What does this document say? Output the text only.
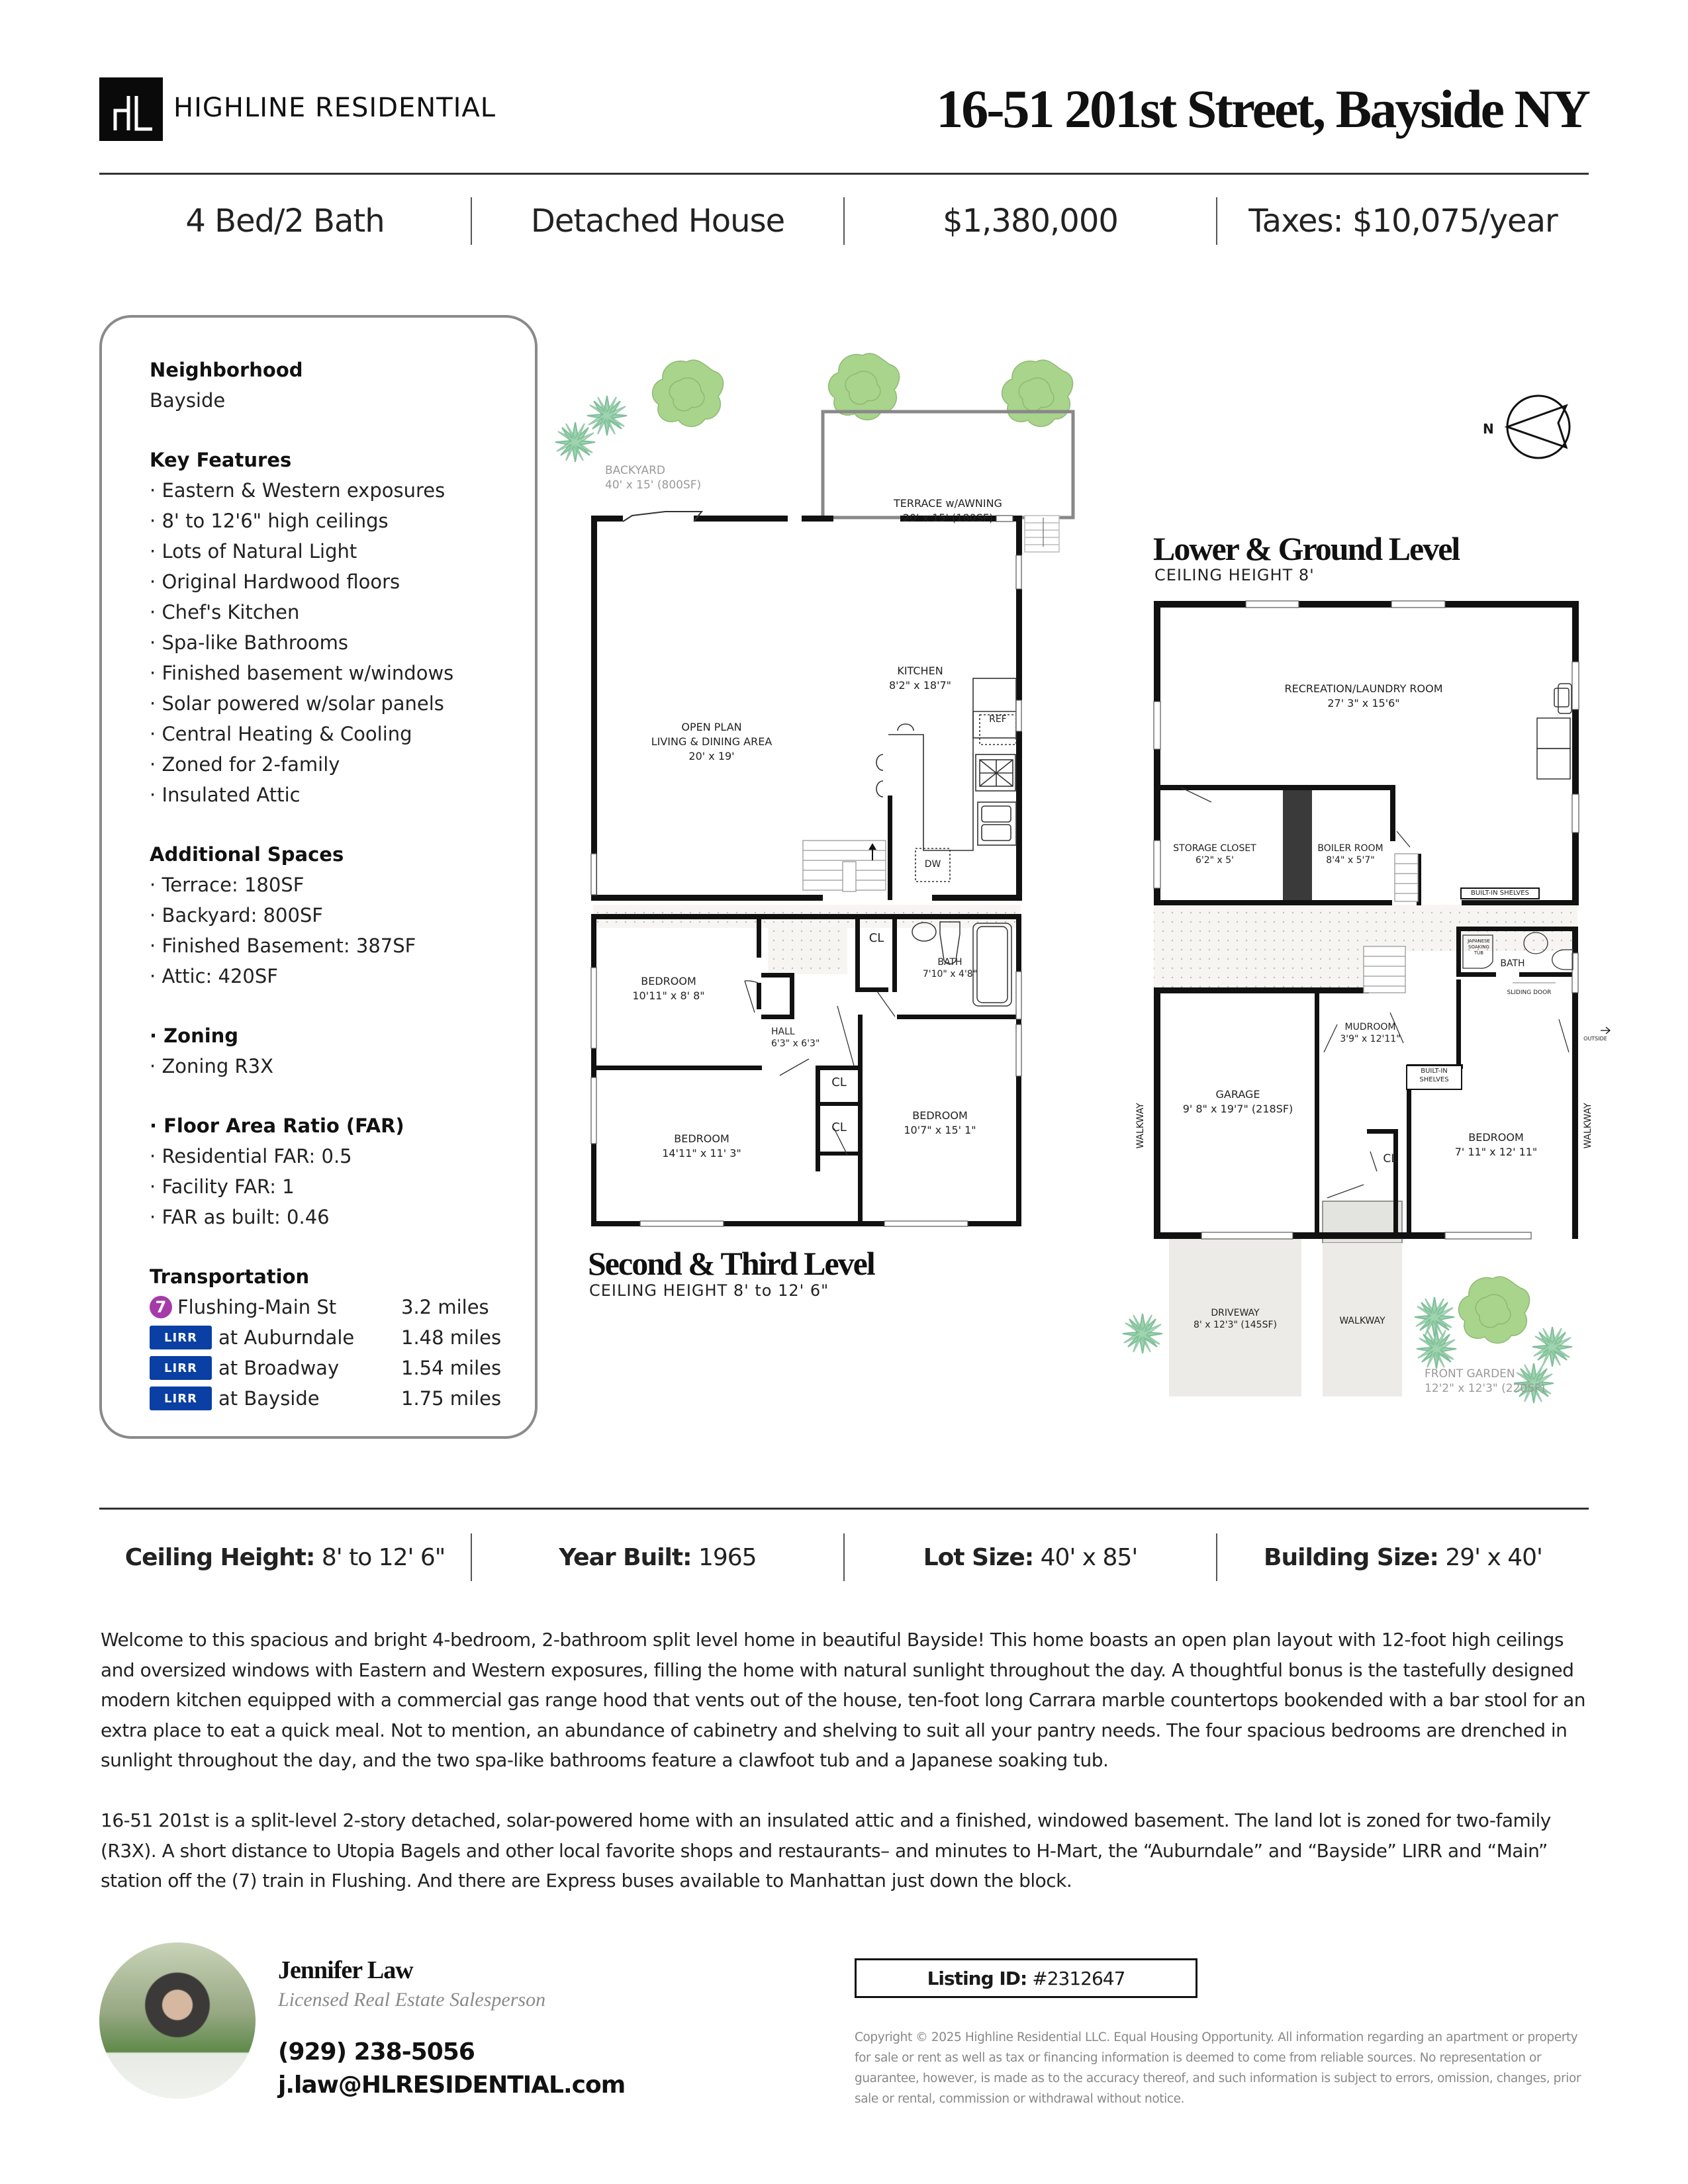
HIGHLINE RESIDENTIAL	16-51 201st Street, Bayside NY
4 Bed/2 Bath	Detached House	$1,380,000	Taxes: $10,075/year

Neighborhood

Bayside

Key Features

· Eastern & Western exposures

· 8' to 12'6" high ceilings

· Lots of Natural Light

· Original Hardwood floors

· Chef's Kitchen

· Spa-like Bathrooms

· Finished basement w/windows

· Solar powered w/solar panels

· Central Heating & Cooling

· Zoned for 2-family

· Insulated Attic

Additional Spaces

· Terrace: 180SF

· Backyard: 800SF

· Finished Basement: 387SF

· Attic: 420SF

· Zoning

· Zoning R3X

· Floor Area Ratio (FAR)

· Residential FAR: 0.5

· Facility FAR: 1

· FAR as built: 0.46

Transportation

7 Flushing-Main St	3.2 miles
LIRR	at Auburndale 1.48 miles
LIRR	at Broadway	1.54 miles
LIRR	at Bayside	1.75 miles
BACKYARD
40' x 15' (800SF)
TERRACE w/AWNING
20' x 15' (180SF)
KITCHEN
8'2" x 18'7"
OPEN PLAN
LIVING & DINING AREA
20' x 19'
REF
DW
BEDROOM
10'11" x 8' 8"
CL
BATH
7'10" x 4'8"
HALL
6'3" x 6'3"
CL
CL
BEDROOM
14'11" x 11' 3"
BEDROOM
10'7" x 15' 1"
Second & Third Level
CEILING HEIGHT 8' to 12' 6"
N
Lower & Ground Level
CEILING HEIGHT 8'
RECREATION/LAUNDRY ROOM
27' 3" x 15'6"
STORAGE CLOSET
6'2" x 5'
BOILER ROOM
8'4" x 5'7"
BUILT-IN SHELVES
JAPANESE SOAKING TUB
BATH
SLIDING DOOR
OUTSIDE
MUDROOM
3'9" x 12'11"
BUILT-IN SHELVES
GARAGE
9' 8" x 19'7" (218SF)
CL
BEDROOM
7' 11" x 12' 11"
WALKWAY	WALKWAY
DRIVEWAY
8' x 12'3" (145SF)	WALKWAY
FRONT GARDEN
12'2" x 12'3" (220SF)
Ceiling Height: 8' to 12' 6"	Year Built: 1965	Lot Size: 40' x 85'	Building Size: 29' x 40'
Welcome to this spacious and bright 4-bedroom, 2-bathroom split level home in beautiful Bayside! This home boasts an open plan layout with 12-foot high ceilings and oversized windows with Eastern and Western exposures, filling the home with natural sunlight throughout the day. A thoughtful bonus is the tastefully designed modern kitchen equipped with a commercial gas range hood that vents out of the house, ten-foot long Carrara marble countertops bookended with a bar stool for an extra place to eat a quick meal. Not to mention, an abundance of cabinetry and shelving to suit all your pantry needs. The four spacious bedrooms are drenched in sunlight throughout the day, and the two spa-like bathrooms feature a clawfoot tub and a Japanese soaking tub.
16-51 201st is a split-level 2-story detached, solar-powered home with an insulated attic and a finished, windowed basement. The land lot is zoned for two-family (R3X). A short distance to Utopia Bagels and other local favorite shops and restaurants– and minutes to H-Mart, the “Auburndale” and “Bayside” LIRR and “Main” station off the (7) train in Flushing. And there are Express buses available to Manhattan just down the block.
Jennifer Law
Licensed Real Estate Salesperson
(929) 238-5056
j.law@HLRESIDENTIAL.com
Listing ID: #2312647
Copyright © 2025 Highline Residential LLC. Equal Housing Opportunity. All information regarding an apartment or property for sale or rent as well as tax or financing information is deemed to come from reliable sources. No representation or guarantee, however, is made as to the accuracy thereof, and such information is subject to errors, omission, changes, prior sale or rental, commission or withdrawal without notice.
